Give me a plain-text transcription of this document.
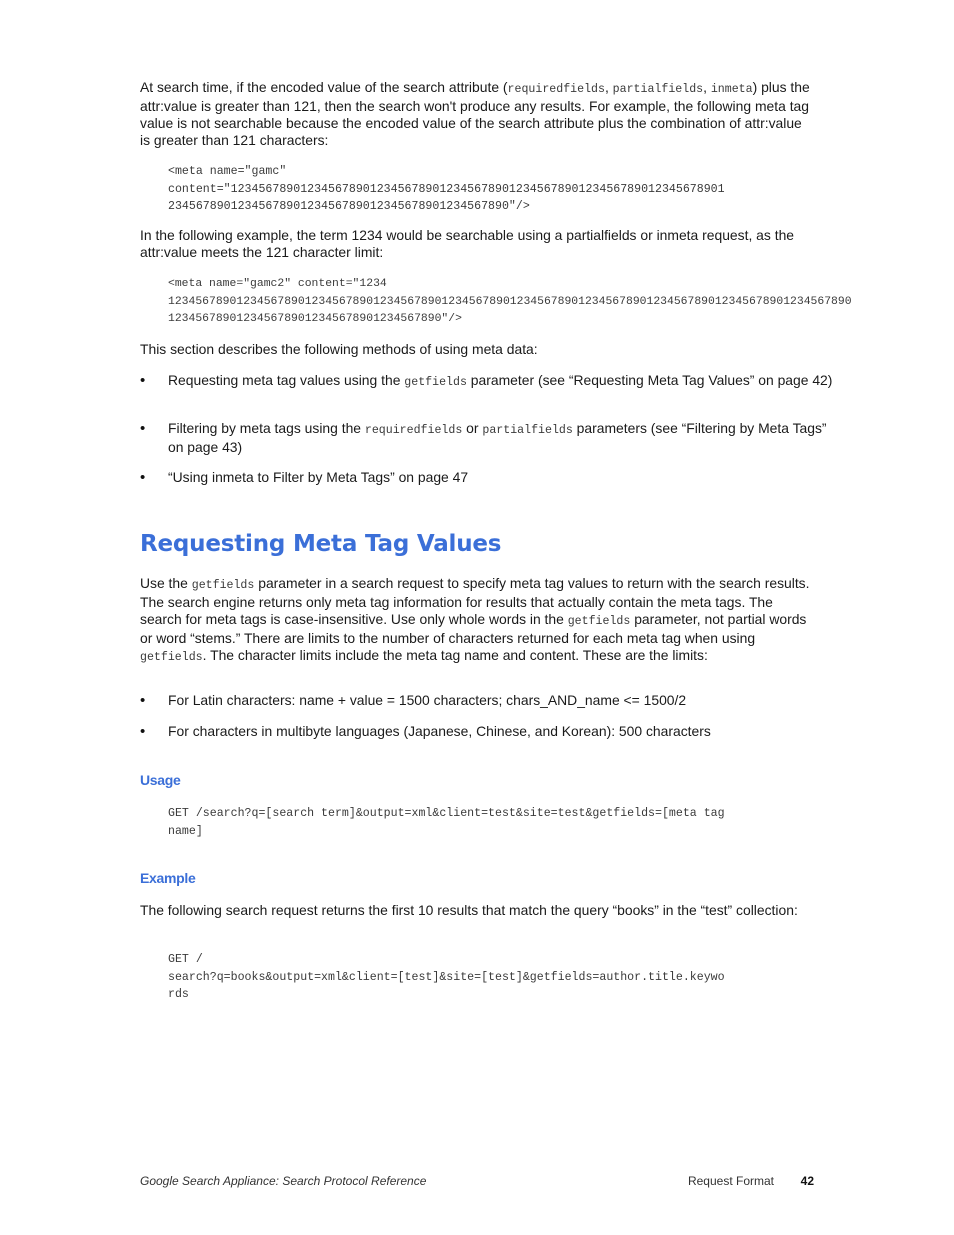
At search time, if the encoded value of the search attribute (requiredfields, partialfields, inmeta) plus the attr:value is greater than 121, then the search won't produce any results. For example, the following meta tag value is not searchable because the encoded value of the search attribute plus the combination of attr:value is greater than 121 characters:

<meta name="gamc"
content="12345678901234567890123456789012345678901234567890123456789012345678901
2345678901234567890123456789012345678901234567890"/>

In the following example, the term 1234 would be searchable using a partialfields or inmeta request, as the attr:value meets the 121 character limit:

<meta name="gamc2" content="1234
1234567890123456789012345678901234567890123456789012345678901234567890123456789012345678901234567890
1234567890123456789012345678901234567890"/>

This section describes the following methods of using meta data:

• Requesting meta tag values using the getfields parameter (see “Requesting Meta Tag Values” on page 42)

• Filtering by meta tags using the requiredfields or partialfields parameters (see “Filtering by Meta Tags” on page 43)

• “Using inmeta to Filter by Meta Tags” on page 47

Requesting Meta Tag Values

Use the getfields parameter in a search request to specify meta tag values to return with the search results. The search engine returns only meta tag information for results that actually contain the meta tags. The search for meta tags is case-insensitive. Use only whole words in the getfields parameter, not partial words or word “stems.” There are limits to the number of characters returned for each meta tag when using getfields. The character limits include the meta tag name and content. These are the limits:

• For Latin characters: name + value = 1500 characters; chars_AND_name <= 1500/2

• For characters in multibyte languages (Japanese, Chinese, and Korean): 500 characters

Usage
GET /search?q=[search term]&output=xml&client=test&site=test&getfields=[meta tag
name]
Example

The following search request returns the first 10 results that match the query “books” in the “test” collection:

GET /
search?q=books&output=xml&client=[test]&site=[test]&getfields=author.title.keywo
rds
Google Search Appliance: Search Protocol Reference	Request Format 42
